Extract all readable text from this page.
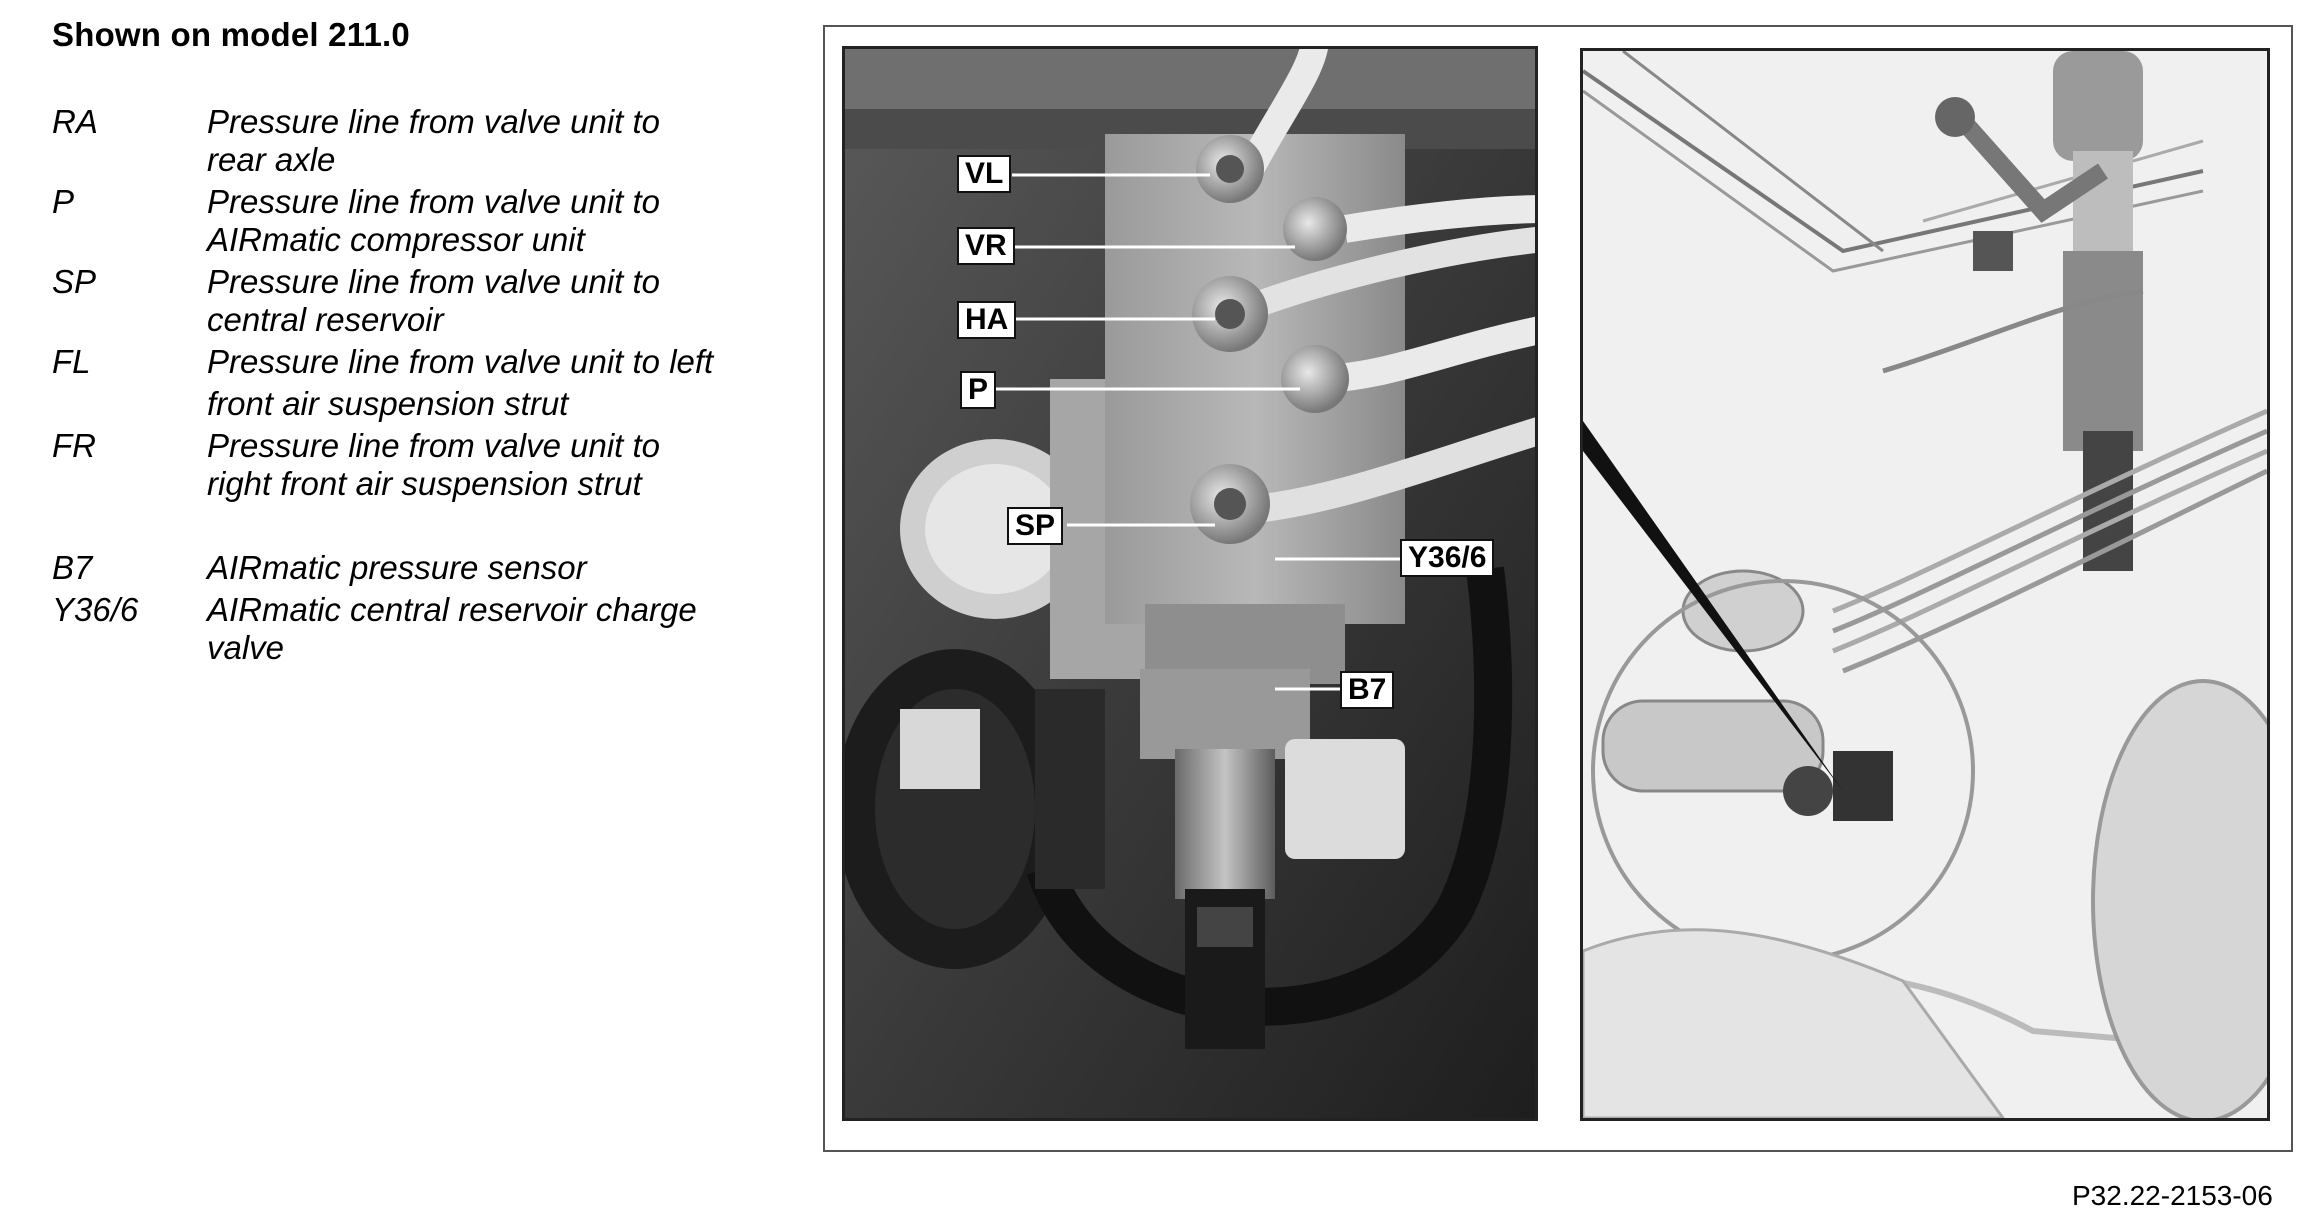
Shown on model 211.0
RA	Pressure line from valve unit to
rear axle
P	Pressure line from valve unit to
AIRmatic compressor unit
SP	Pressure line from valve unit to
central reservoir
FL	Pressure line from valve unit to left
front air suspension strut
FR	Pressure line from valve unit to
right front air suspension strut
B7	AIRmatic pressure sensor
Y36/6	AIRmatic central reservoir charge
valve
VL
VR
HA
P
SP
Y36/6
B7
P32.22-2153-06
